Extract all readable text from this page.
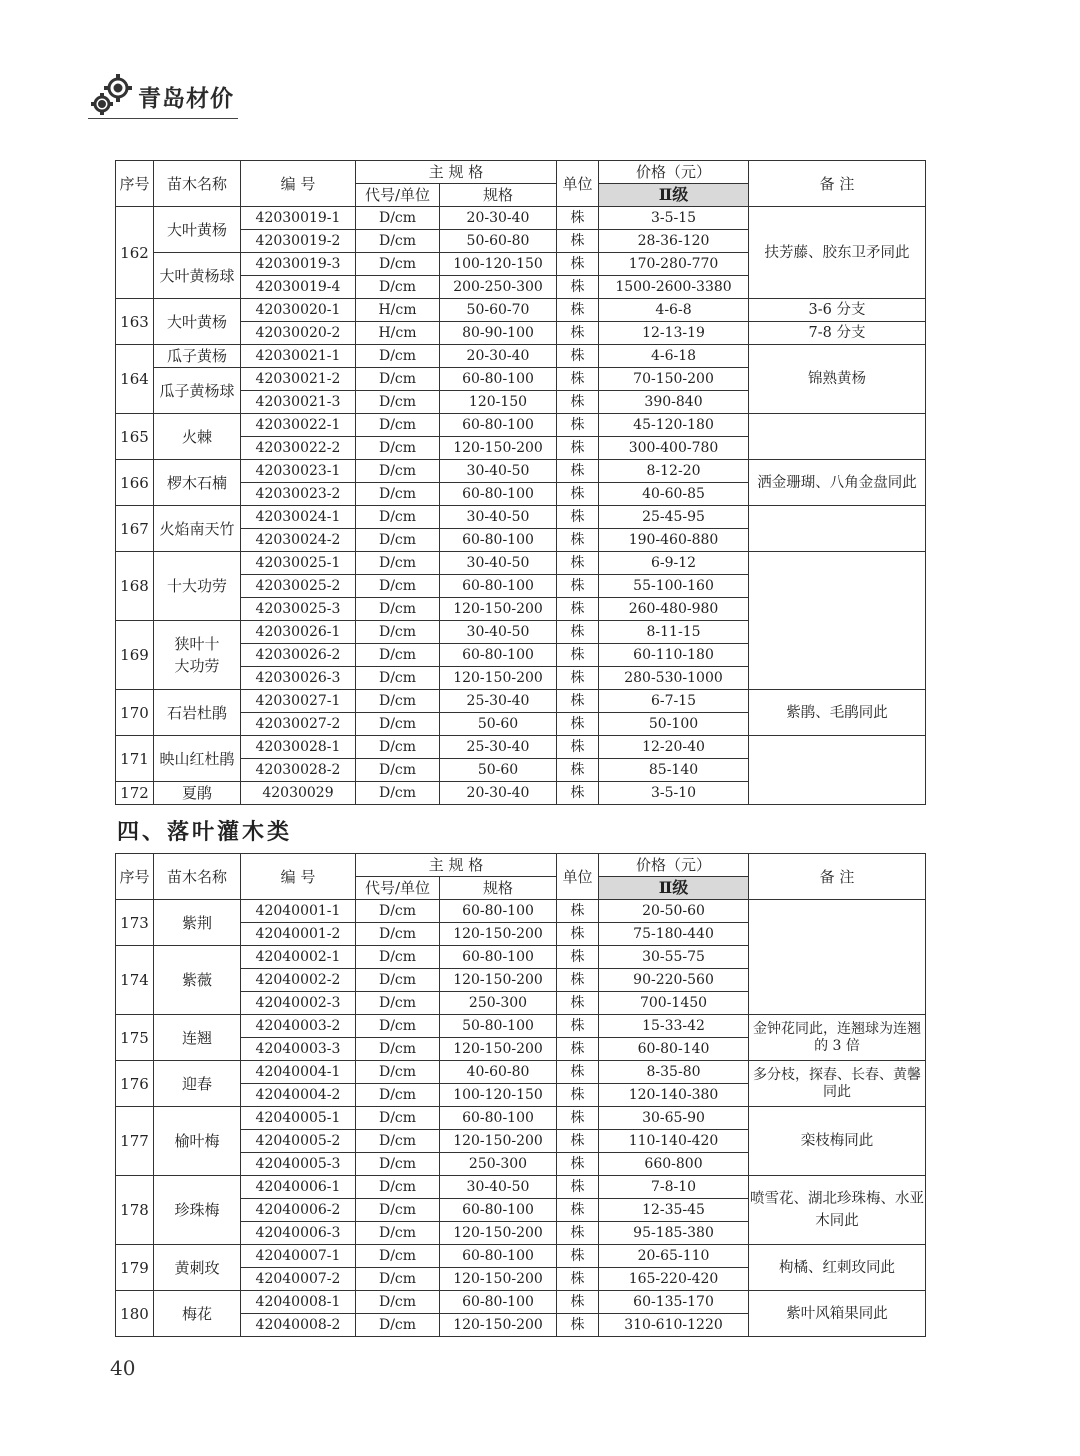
青岛材价
序号	苗木名称	编 号	主 规 格		单位	价格（元）	备 注
			代号/单位	规格		Ⅱ级	
162	大叶黄杨	42030019-1	D/cm	20-30-40	株	3-5-15	扶芳藤、胶东卫矛同此
		42030019-2	D/cm	50-60-80	株	28-36-120	
	大叶黄杨球	42030019-3	D/cm	100-120-150	株	170-280-770	
		42030019-4	D/cm	200-250-300	株	1500-2600-3380	
163	大叶黄杨	42030020-1	H/cm	50-60-70	株	4-6-8	3-6 分支
		42030020-2	H/cm	80-90-100	株	12-13-19	7-8 分支
164	瓜子黄杨	42030021-1	D/cm	20-30-40	株	4-6-18	锦熟黄杨
	瓜子黄杨球	42030021-2	D/cm	60-80-100	株	70-150-200	
		42030021-3	D/cm	120-150	株	390-840	
165	火棘	42030022-1	D/cm	60-80-100	株	45-120-180	
		42030022-2	D/cm	120-150-200	株	300-400-780	
166	椤木石楠	42030023-1	D/cm	30-40-50	株	8-12-20	洒金珊瑚、八角金盘同此
		42030023-2	D/cm	60-80-100	株	40-60-85	
167	火焰南天竹	42030024-1	D/cm	30-40-50	株	25-45-95	
		42030024-2	D/cm	60-80-100	株	190-460-880	
168	十大功劳	42030025-1	D/cm	30-40-50	株	6-9-12	
		42030025-2	D/cm	60-80-100	株	55-100-160	
		42030025-3	D/cm	120-150-200	株	260-480-980	
169	狭叶十大功劳	42030026-1	D/cm	30-40-50	株	8-11-15	
		42030026-2	D/cm	60-80-100	株	60-110-180	
		42030026-3	D/cm	120-150-200	株	280-530-1000	
170	石岩杜鹃	42030027-1	D/cm	25-30-40	株	6-7-15	紫鹃、毛鹃同此
		42030027-2	D/cm	50-60	株	50-100	
171	映山红杜鹃	42030028-1	D/cm	25-30-40	株	12-20-40	
		42030028-2	D/cm	50-60	株	85-140	
172	夏鹃	42030029	D/cm	20-30-40	株	3-5-10	
四、落叶灌木类
序号	苗木名称	编 号	主 规 格		单位	价格（元）	备 注
			代号/单位	规格		Ⅱ级	
173	紫荆	42040001-1	D/cm	60-80-100	株	20-50-60	
		42040001-2	D/cm	120-150-200	株	75-180-440	
174	紫薇	42040002-1	D/cm	60-80-100	株	30-55-75	
		42040002-2	D/cm	120-150-200	株	90-220-560	
		42040002-3	D/cm	250-300	株	700-1450	
175	连翘	42040003-2	D/cm	50-80-100	株	15-33-42	金钟花同此，连翘球为连翘的 3 倍
		42040003-3	D/cm	120-150-200	株	60-80-140	
176	迎春	42040004-1	D/cm	40-60-80	株	8-35-80	多分枝，探春、长春、黄馨同此
		42040004-2	D/cm	100-120-150	株	120-140-380	
177	榆叶梅	42040005-1	D/cm	60-80-100	株	30-65-90	栾枝梅同此
		42040005-2	D/cm	120-150-200	株	110-140-420	
		42040005-3	D/cm	250-300	株	660-800	
178	珍珠梅	42040006-1	D/cm	30-40-50	株	7-8-10	喷雪花、湖北珍珠梅、水亚木同此
		42040006-2	D/cm	60-80-100	株	12-35-45	
		42040006-3	D/cm	120-150-200	株	95-185-380	
179	黄刺玫	42040007-1	D/cm	60-80-100	株	20-65-110	枸橘、红刺玫同此
		42040007-2	D/cm	120-150-200	株	165-220-420	
180	梅花	42040008-1	D/cm	60-80-100	株	60-135-170	紫叶风箱果同此
		42040008-2	D/cm	120-150-200	株	310-610-1220	
40
